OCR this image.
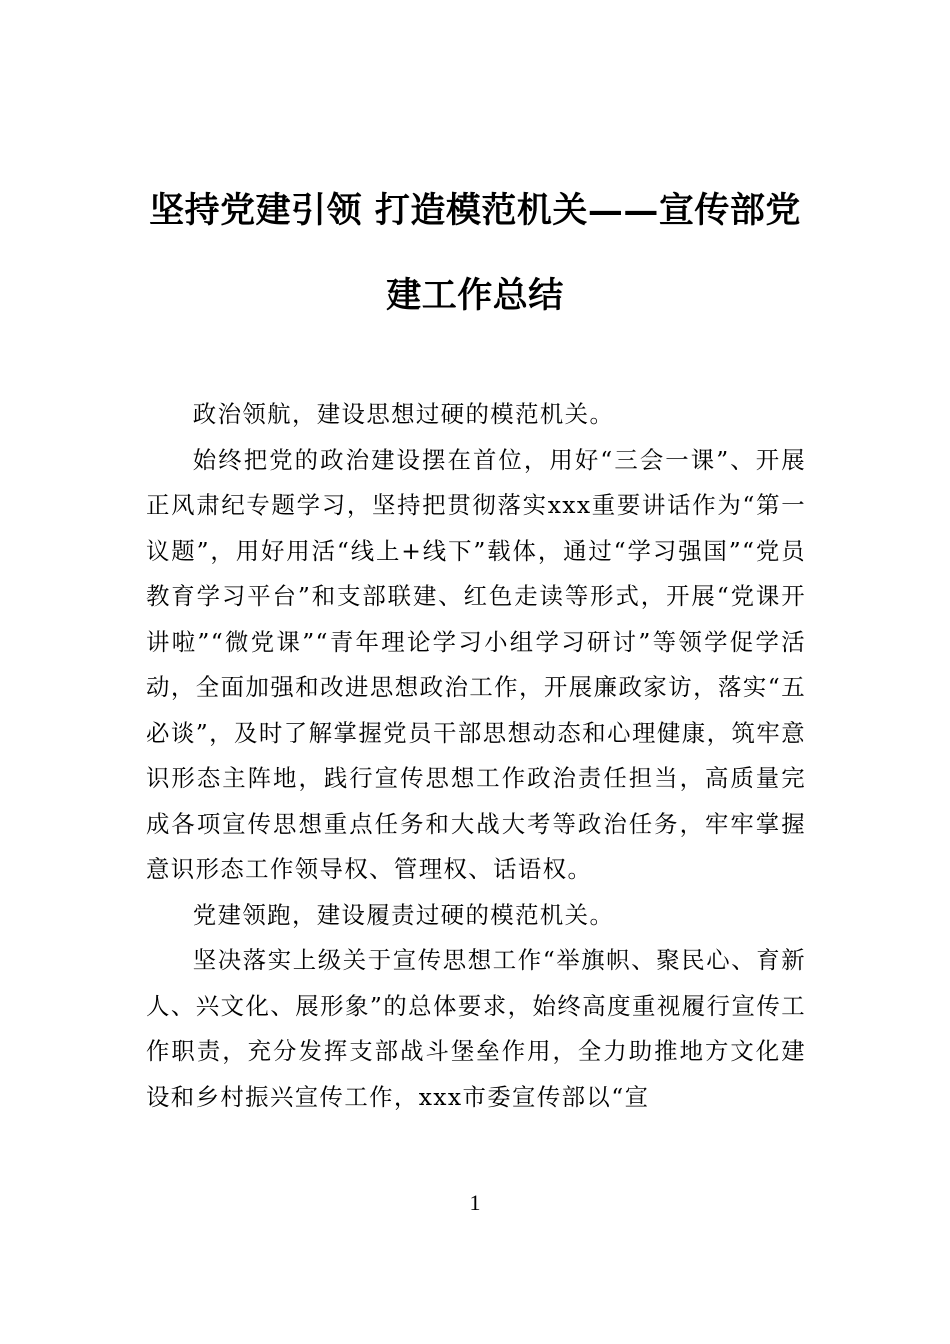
坚持党建引领 打造模范机关——宣传部党
建工作总结

政治领航，建设思想过硬的模范机关。

始终把党的政治建设摆在首位，用好“三会一课”、开展正风肃纪专题学习，坚持把贯彻落实xxx重要讲话作为“第一议题”，用好用活“线上+线下”载体，通过“学习强国”“党员教育学习平台”和支部联建、红色走读等形式，开展“党课开讲啦”“微党课”“青年理论学习小组学习研讨”等领学促学活动，全面加强和改进思想政治工作，开展廉政家访，落实“五必谈”，及时了解掌握党员干部思想动态和心理健康，筑牢意识形态主阵地，践行宣传思想工作政治责任担当，高质量完成各项宣传思想重点任务和大战大考等政治任务，牢牢掌握意识形态工作领导权、管理权、话语权。

党建领跑，建设履责过硬的模范机关。

坚决落实上级关于宣传思想工作“举旗帜、聚民心、育新人、兴文化、展形象”的总体要求，始终高度重视履行宣传工作职责，充分发挥支部战斗堡垒作用，全力助推地方文化建设和乡村振兴宣传工作，xxx市委宣传部以“宣

1
